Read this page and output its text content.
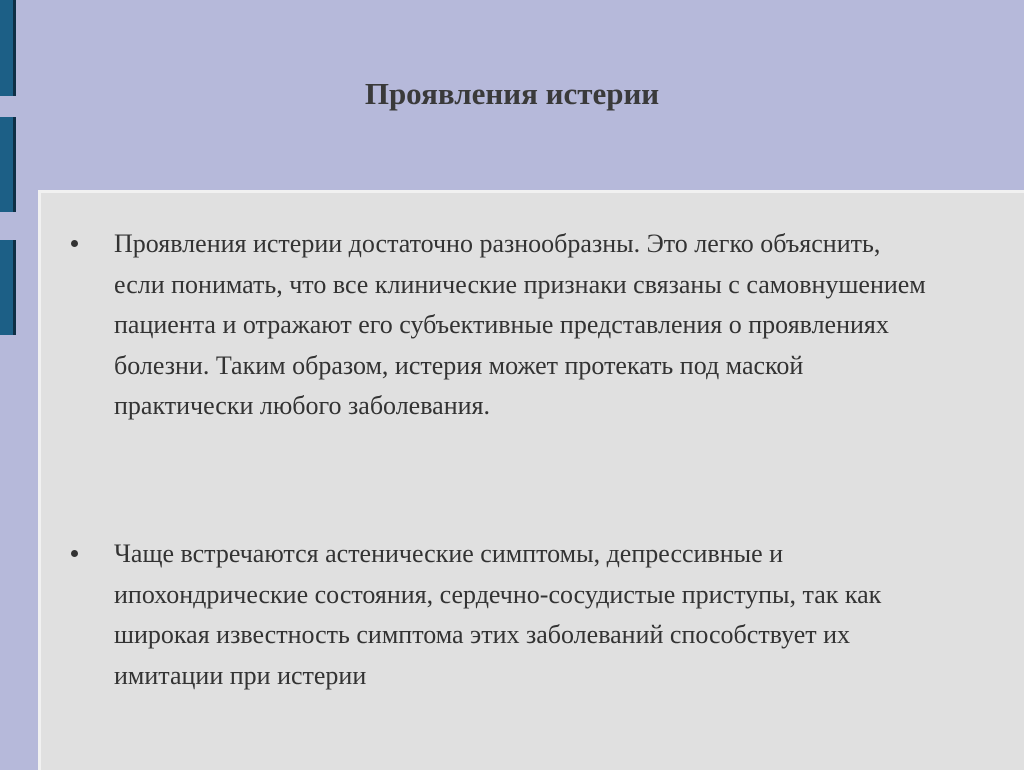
Проявления истерии
Проявления истерии достаточно разнообразны. Это легко объяснить, если понимать, что все клинические признаки связаны с самовнушением пациента и отражают его субъективные представления о проявлениях болезни. Таким образом, истерия может протекать под маской практически любого заболевания.
Чаще встречаются астенические симптомы, депрессивные и ипохондрические состояния, сердечно-сосудистые приступы, так как широкая известность симптома этих заболеваний способствует их имитации при истерии
